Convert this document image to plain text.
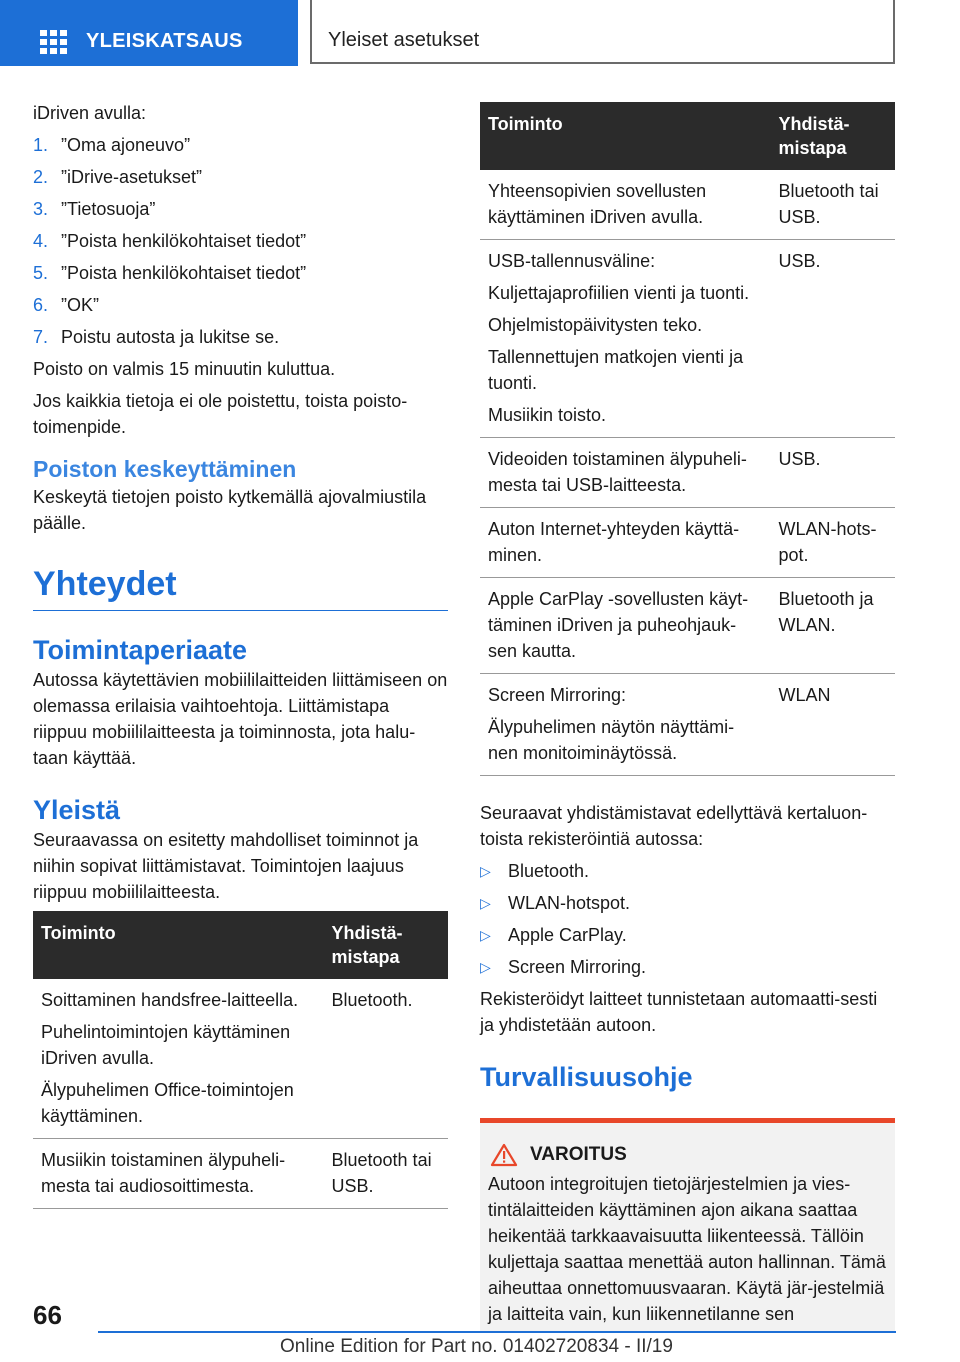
YLEISKATSAUS	Yleiset asetukset

iDriven avulla:

1. ”Oma ajoneuvo”
2. ”iDrive-asetukset”
3. ”Tietosuoja”
4. ”Poista henkilökohtaiset tiedot”
5. ”Poista henkilökohtaiset tiedot”
6. ”OK”
7. Poistu autosta ja lukitse se.

Poisto on valmis 15 minuutin kuluttua.

Jos kaikkia tietoja ei ole poistettu, toista poisto-toimenpide.

Poiston keskeyttäminen

Keskeytä tietojen poisto kytkemällä ajovalmiustila päälle.

Yhteydet
Toimintaperiaate

Autossa käytettävien mobiililaitteiden liittämiseen on olemassa erilaisia vaihtoehtoja. Liittämistapa riippuu mobiililaitteesta ja toiminnosta, jota halu-taan käyttää.

Yleistä

Seuraavassa on esitetty mahdolliset toiminnot ja niihin sopivat liittämistavat. Toimintojen laajuus riippuu mobiililaitteesta.

Toiminto	Yhdistä-mistapa

Soittaminen handsfree-laitteella.
Puhelintoimintojen käyttäminen iDriven avulla.
Älypuhelimen Office-toimintojen käyttäminen.	Bluetooth.

Musiikin toistaminen älypuheli-mesta tai audiosoittimesta.	Bluetooth tai USB.
Toiminto	Yhdistä-mistapa

Yhteensopivien sovellusten käyttäminen iDriven avulla.	Bluetooth tai USB.

USB-tallennusväline:
Kuljettajaprofiilien vienti ja tuonti.
Ohjelmistopäivitysten teko.
Tallennettujen matkojen vienti ja tuonti.
Musiikin toisto.	USB.

Videoiden toistaminen älypuheli-mesta tai USB-laitteesta.	USB.

Auton Internet-yhteyden käyttä-minen.	WLAN-hots-pot.

Apple CarPlay -sovellusten käyt-täminen iDriven ja puheohjauk-sen kautta.	Bluetooth ja WLAN.

Screen Mirroring:
Älypuhelimen näytön näyttämi-nen monitoiminäytössä.	WLAN

Seuraavat yhdistämistavat edellyttävä kertaluon-toista rekisteröintiä autossa:

▷ Bluetooth.
▷ WLAN-hotspot.
▷ Apple CarPlay.
▷ Screen Mirroring.

Rekisteröidyt laitteet tunnistetaan automaatti-sesti ja yhdistetään autoon.

Turvallisuusohje
VAROITUS

Autoon integroitujen tietojärjestelmien ja vies-tintälaitteiden käyttäminen ajon aikana saattaa heikentää tarkkaavaisuutta liikenteessä. Tällöin kuljettaja saattaa menettää auton hallinnan. Tämä aiheuttaa onnettomuusvaaran. Käytä jär-jestelmiä ja laitteita vain, kun liikennetilanne sen

66
Online Edition for Part no. 01402720834 - II/19
